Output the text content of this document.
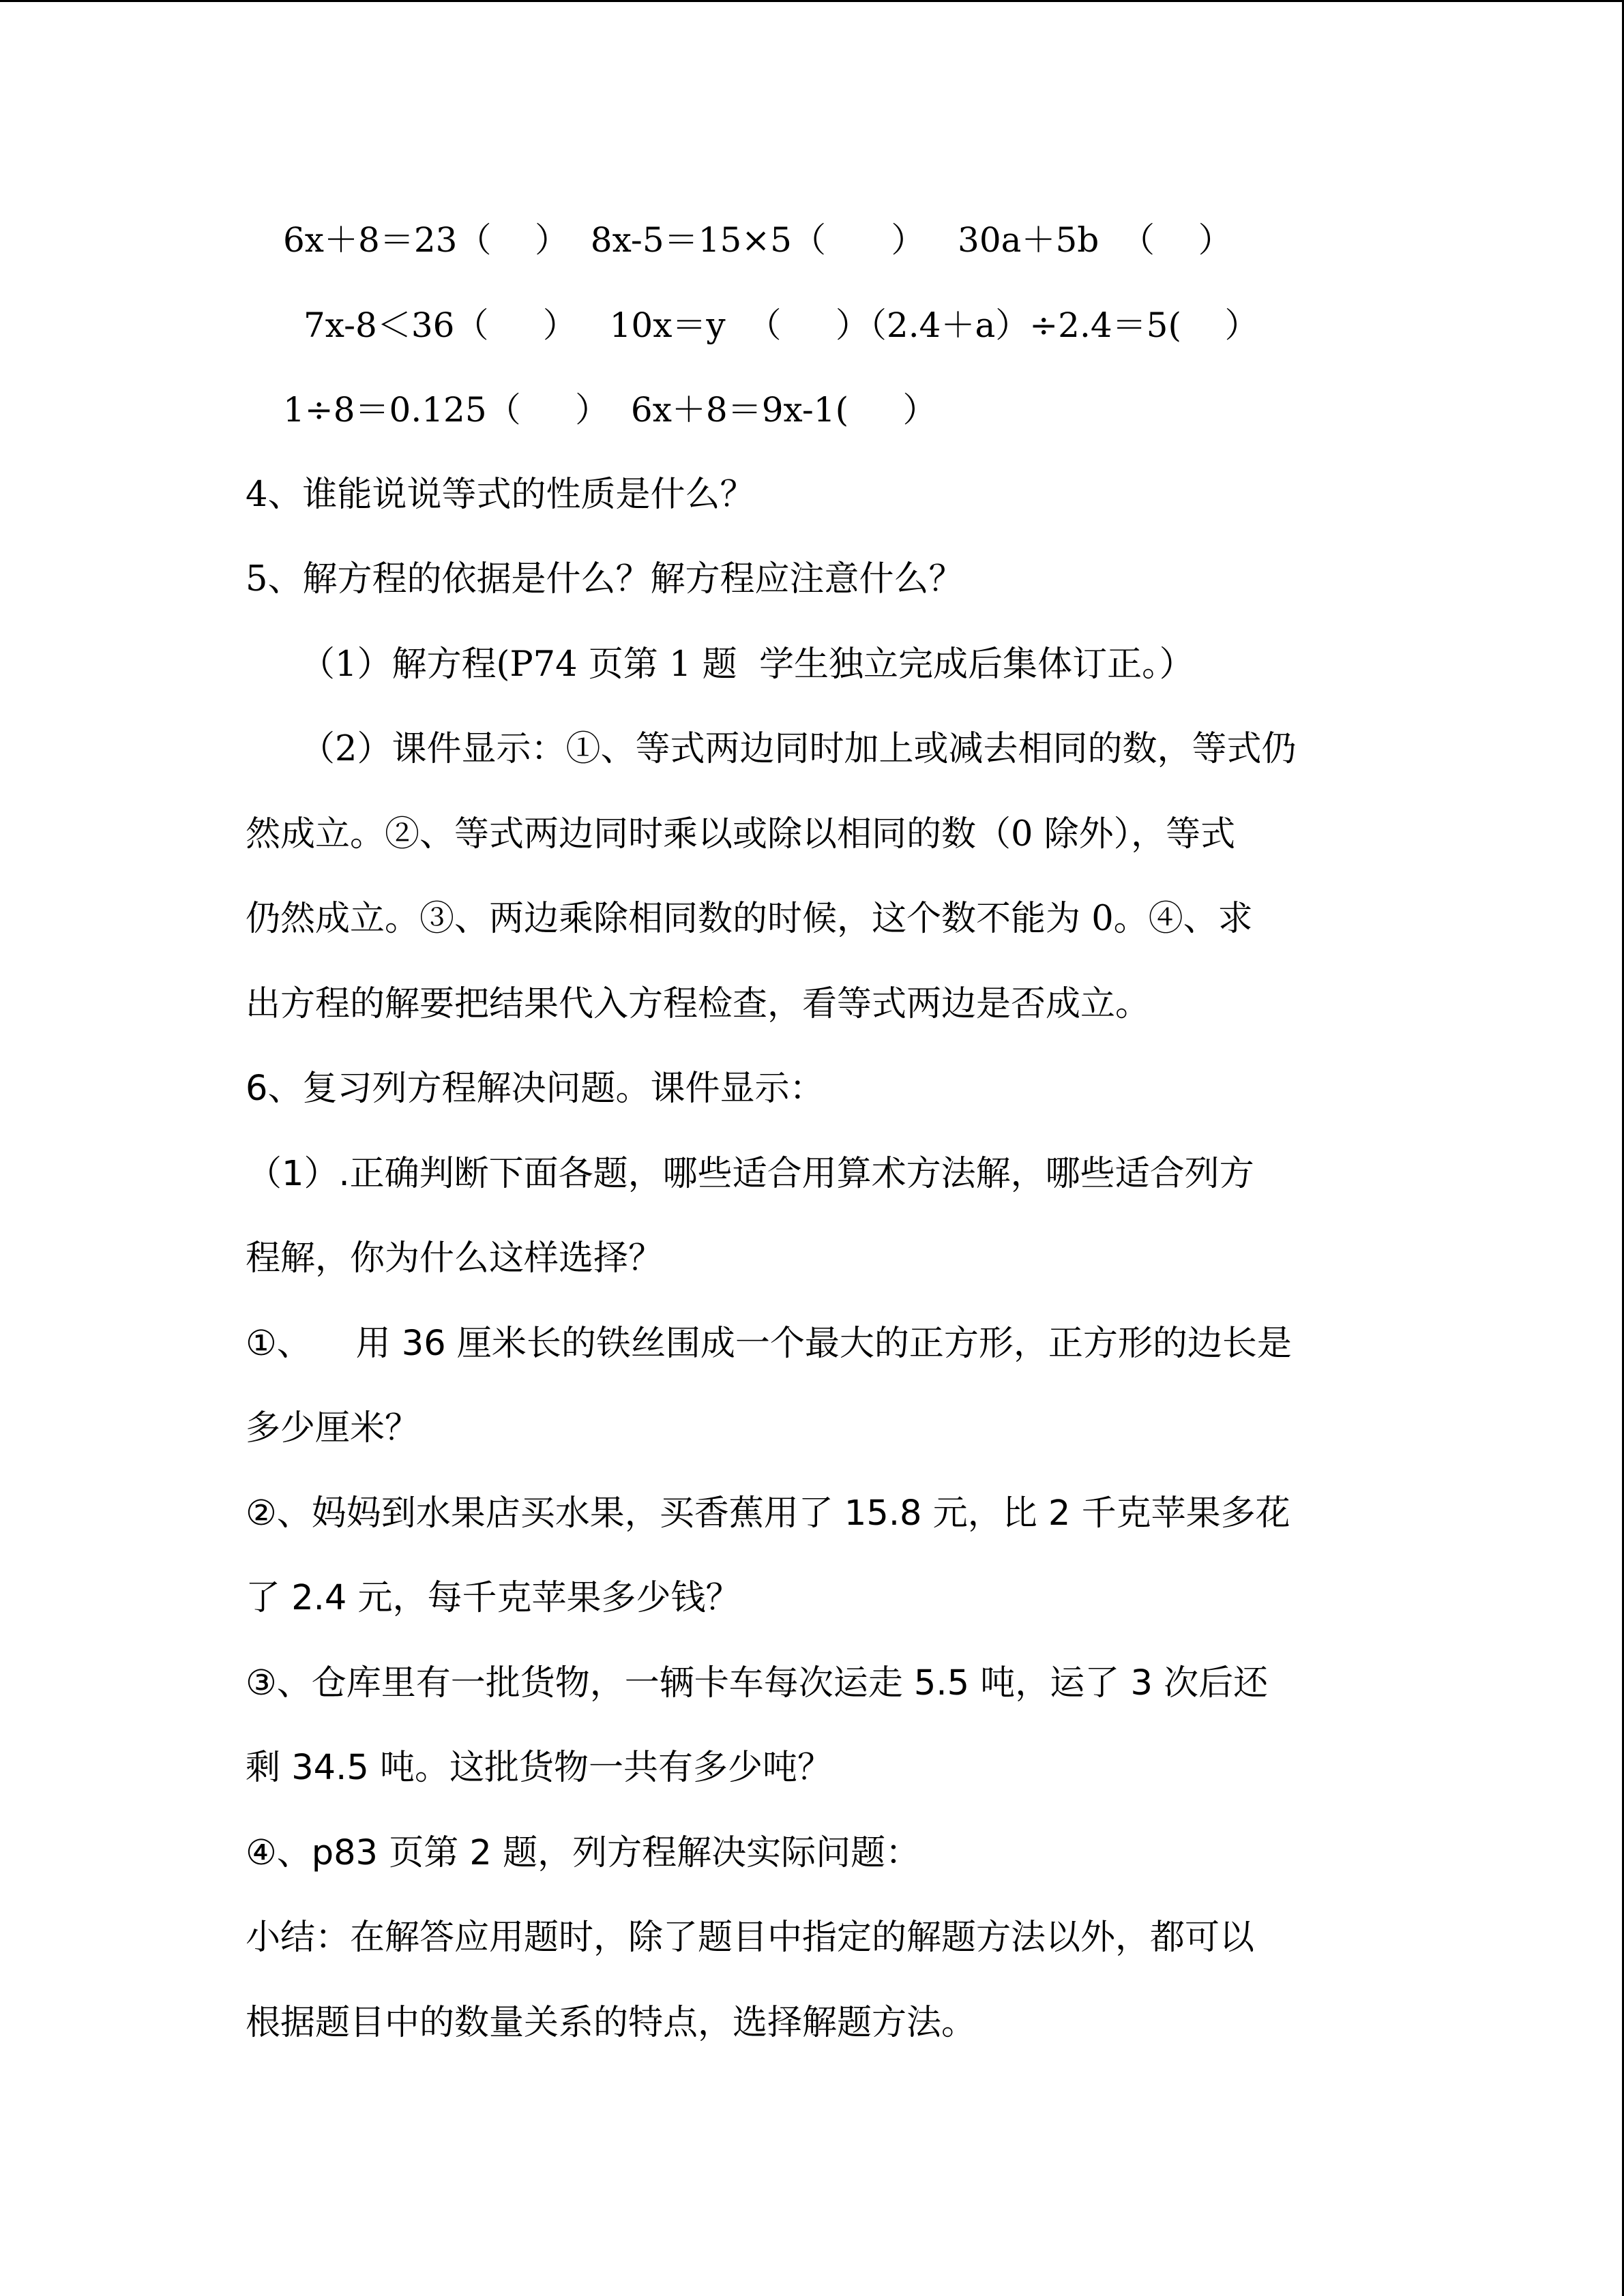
6x＋8＝23（    ）  8x-5＝15×5（      ）   30a＋5b  （    ）
7x-8＜36（     ）   10x＝y  （     ）（2.4＋a）÷2.4＝5(    ）
1÷8＝0.125（     ）  6x＋8＝9x-1(     ）
4、谁能说说等式的性质是什么？
5、解方程的依据是什么？解方程应注意什么？
（1）解方程(P74 页第 1 题  学生独立完成后集体订正。）
（2）课件显示：①、等式两边同时加上或减去相同的数，等式仍
然成立。②、等式两边同时乘以或除以相同的数（0 除外），等式
仍然成立。③、两边乘除相同数的时候，这个数不能为 0。④、求
出方程的解要把结果代入方程检查，看等式两边是否成立。
6、复习列方程解决问题。课件显示：
（1）.正确判断下面各题，哪些适合用算术方法解，哪些适合列方
程解，你为什么这样选择？
①、    用 36 厘米长的铁丝围成一个最大的正方形，正方形的边长是
多少厘米？
②、妈妈到水果店买水果，买香蕉用了 15.8 元，比 2 千克苹果多花
了 2.4 元，每千克苹果多少钱？
③、仓库里有一批货物，一辆卡车每次运走 5.5 吨，运了 3 次后还
剩 34.5 吨。这批货物一共有多少吨？
④、p83 页第 2 题，列方程解决实际问题：
小结：在解答应用题时，除了题目中指定的解题方法以外，都可以
根据题目中的数量关系的特点，选择解题方法。
